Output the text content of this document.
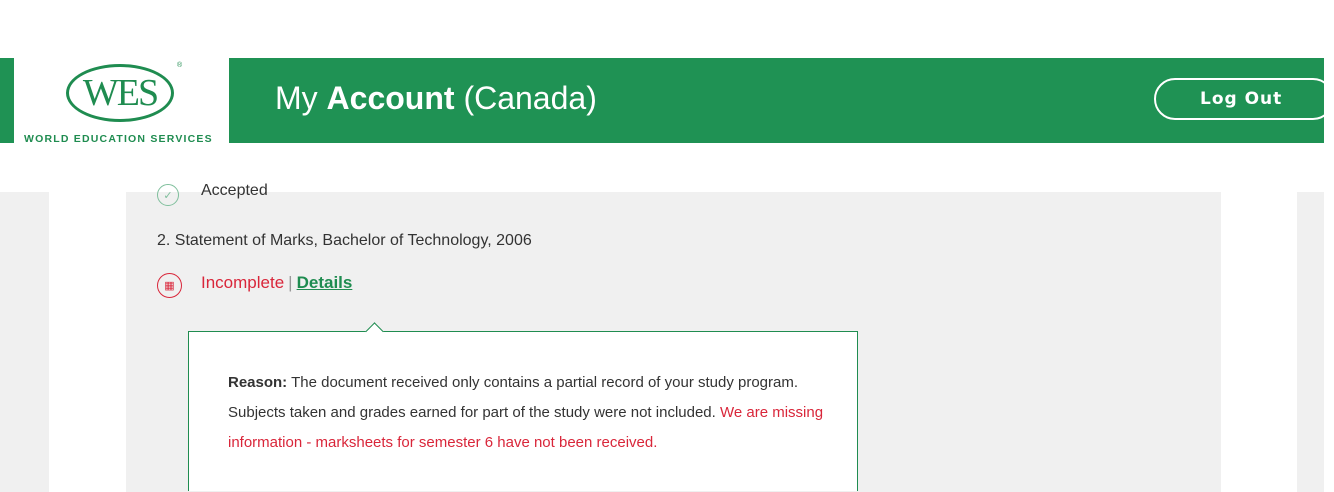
WES
®
WORLD EDUCATION SERVICES
My Account (Canada)	Log Out
✓	Accepted
2. Statement of Marks, Bachelor of Technology, 2006
▦	Incomplete | Details

Reason: The document received only contains a partial record of your study program. Subjects taken and grades earned for part of the study were not included. We are missing information - marksheets for semester 6 have not been received.
